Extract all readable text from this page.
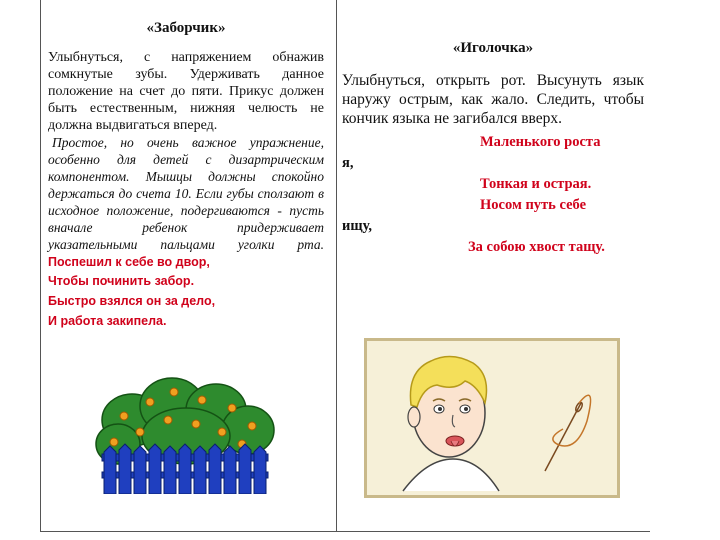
«Заборчик»

Улыбнуться, с напряжением обнажив сомкнутые зубы. Удерживать данное положение на счет до пяти. Прикус должен быть естественным, нижняя челюсть не должна выдвигаться вперед.

Простое, но очень важное упражнение, особенно для детей с дизартрическим компонентом. Мышцы должны спокойно держаться до счета 10. Если губы сползают в исходное положение, подергиваются - пусть вначале ребенок придерживает указательными пальцами уголки рта. Поспешил к себе во двор,

Чтобы починить забор.
Быстро взялся он за дело,
И работа закипела.

«Иголочка»

Улыбнуться, открыть рот. Высунуть язык наружу острым, как жало. Следить, чтобы кончик языка не загибался вверх.

Маленького роста
я,
Тонкая и острая.
Носом путь себе
ищу,
За собою хвост тащу.
